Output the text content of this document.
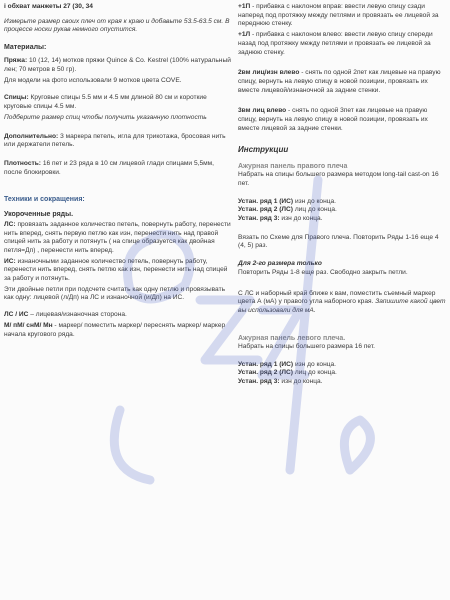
i обхват манжеты 27 (30, 34
Измерьте размер своих плеч от края к краю и добавьте 53.5-63.5 см. В процессе носки рукав немного опустится.
Материалы:
Пряжа: 10 (12, 14) мотков пряжи Quince & Co. Kestrel (100% натуральный лен; 70 метров в 50 гр).
Для модели на фото использовали 9 мотков цвета COVE.
Спицы: Круговые спицы 5.5 мм и 4.5 мм длиной 80 см и короткие круговые спицы 4.5 мм.
Подберите размер спиц чтобы получить указанную плотность
Дополнительно: 3 маркера петель, игла для трикотажа, бросовая нить или держатели петель.
Плотность: 16 пет и 23 ряда в 10 см лицевой глади спицами 5,5мм, после блокировки.
Техники и сокращения:
Укороченные ряды.
ЛС: провязать заданное количество петель, повернуть работу, перенести нить вперед, снять первую петлю как изн, перенести нить над правой спицей нить за работу и потянуть ( на спице образуется как двойная петля=Дп) , перенести нить вперед.
ИС: изнаночными заданное количество петель, повернуть работу, перенести нить вперед, снять петлю как изн, перенести нить над спицей за работу и потянуть.
Эти двойные петли при подсчете считать как одну петлю и провязывать как одну: лицевой (л/Дп) на ЛС и изнаночной (и/Дп) на ИС.
ЛС / ИС – лицевая/изнаночная сторона.
М/ пМ/ снМ/ Мн - маркер/ поместить маркер/ переснять маркер/ маркер начала кругового ряда.
+1П - прибавка с наклоном вправ: ввести левую спицу сзади наперед под протяжку между петлями и провязать ее лицевой за переднюю стенку.
+1Л - прибавка с наклоном влево: ввести левую спицу спереди назад под протяжку между петлями и провязать ее лицевой за заднюю стенку.
2вм лиц/изн влево - снять по одной 2пет как лицевые на правую спицу, вернуть на левую спицу в новой позиции, провязать их вместе лицевой/изнаночной за задние стенки.
3вм лиц влево - снять по одной 3пет как лицевые на правую спицу, вернуть на левую спицу в новой позиции, провязать их вместе лицевой за задние стенки.
Инструкции
Ажурная панель правого плеча
Набрать на спицы большего размера методом long-tail cast-on 16 пет.
Устан. ряд 1 (ИС) изн до конца.
Устан. ряд 2 (ЛС) лиц до конца.
Устан. ряд 3: изн до конца.
Вязать по Схеме для Правого плеча. Повторить Ряды 1-16 еще 4 (4, 5) раз.
Для 2-го размера только
Повторить Ряды 1-8 еще раз. Свободно закрыть петли.
С ЛС и наборный край ближе к вам, поместить съемный маркер цвета А (мА) у правого угла наборного края. Запишите какой цвет вы использовали для мА.
Ажурная панель левого плеча.
Набрать на спицы большего размера 16 пет.
Устан. ряд 1 (ИС) изн до конца.
Устан. ряд 2 (ЛС) лиц до конца.
Устан. ряд 3: изн до конца.
